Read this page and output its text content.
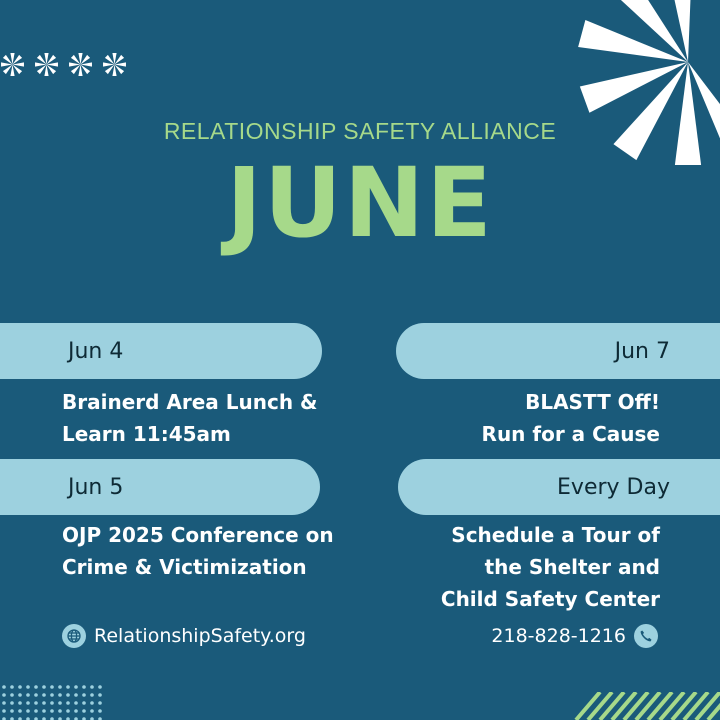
RELATIONSHIP SAFETY ALLIANCE
JUNE
Jun 4
Brainerd Area Lunch &
Learn 11:45am
Jun 7
BLASTT Off!
Run for a Cause
Jun 5
OJP 2025 Conference on
Crime & Victimization
Every Day
Schedule a Tour of
the Shelter and
Child Safety Center
RelationshipSafety.org	218-828-1216
